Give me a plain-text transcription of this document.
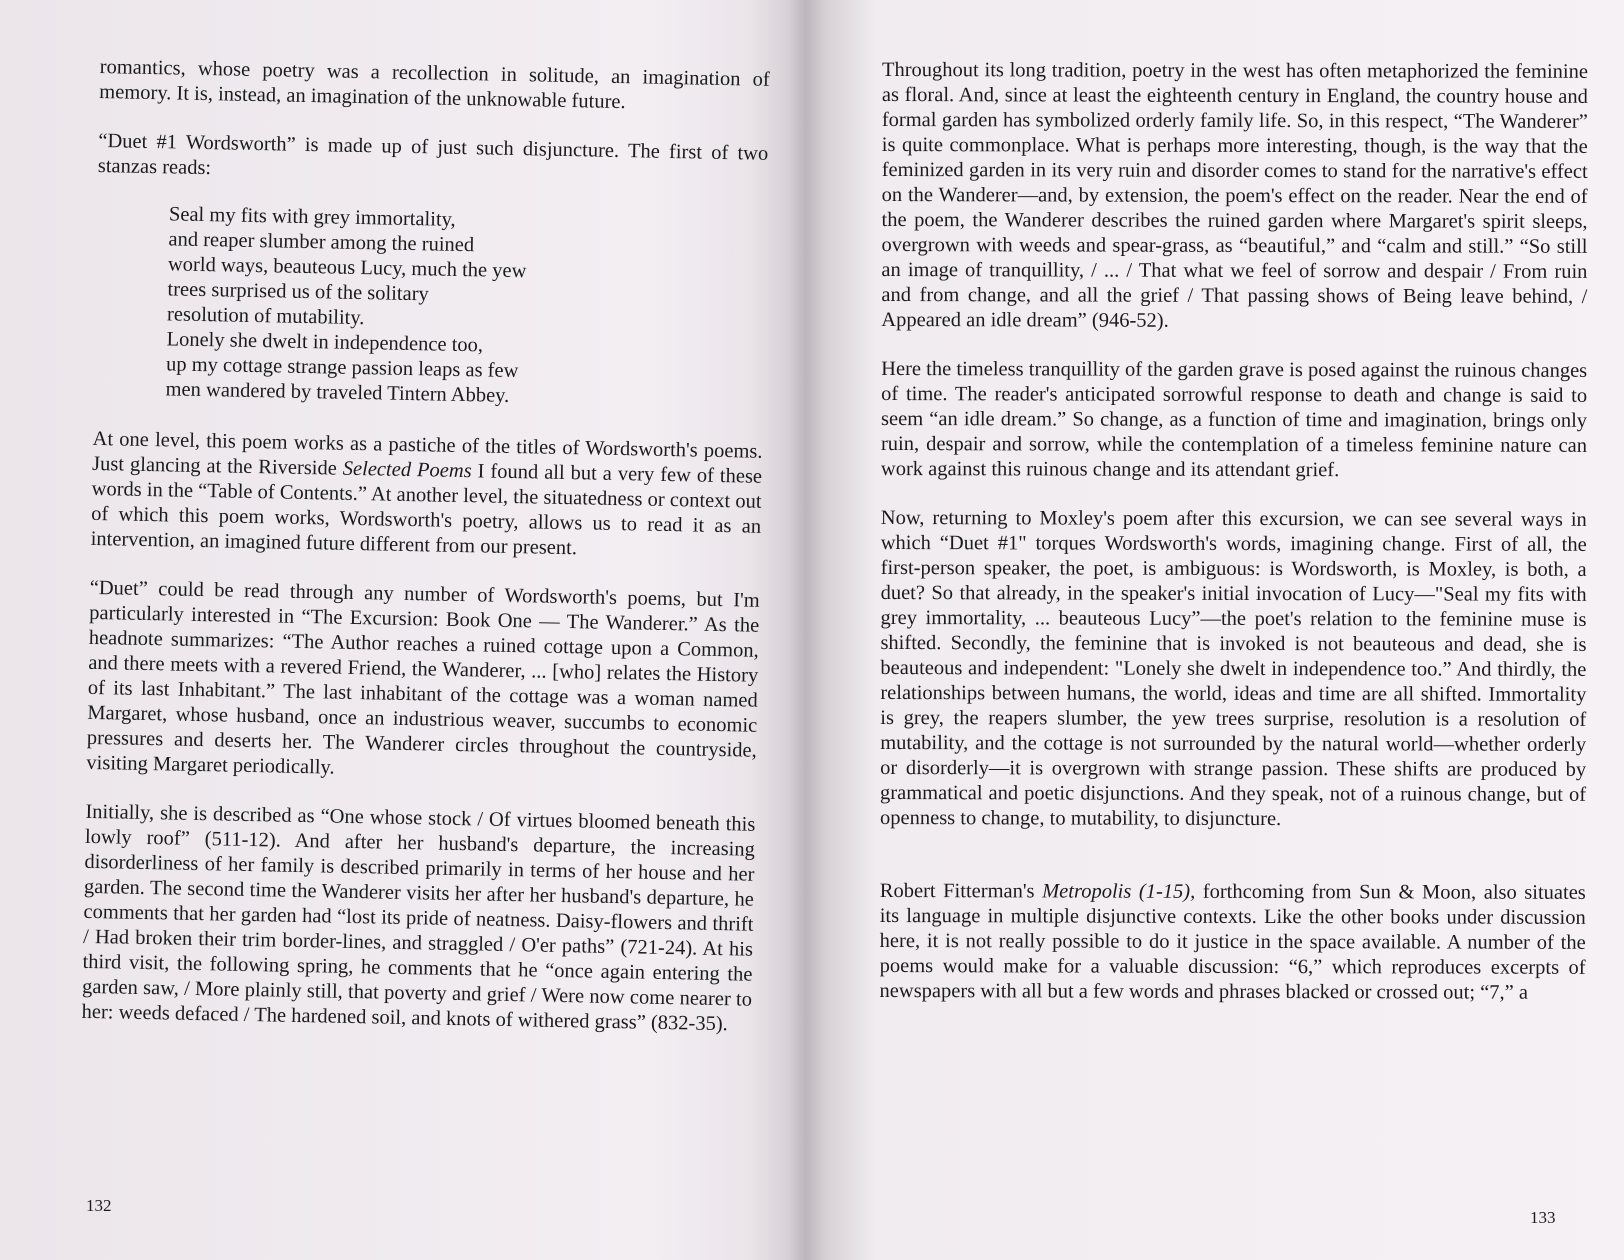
romantics, whose poetry was a recollection in solitude, an imagination of memory. It is, instead, an imagination of the unknowable future.

“Duet #1 Wordsworth” is made up of just such disjuncture. The first of two stanzas reads:

Seal my fits with grey immortality,
and reaper slumber among the ruined
world ways, beauteous Lucy, much the yew
trees surprised us of the solitary
resolution of mutability.
Lonely she dwelt in independence too,
up my cottage strange passion leaps as few
men wandered by traveled Tintern Abbey.

At one level, this poem works as a pastiche of the titles of Wordsworth's poems. Just glancing at the Riverside Selected Poems I found all but a very few of these words in the “Table of Contents.” At another level, the situatedness or context out of which this poem works, Wordsworth's poetry, allows us to read it as an intervention, an imagined future different from our present.

“Duet” could be read through any number of Wordsworth's poems, but I'm particularly interested in “The Excursion: Book One — The Wanderer.” As the headnote summarizes: “The Author reaches a ruined cottage upon a Common, and there meets with a revered Friend, the Wanderer, ... [who] relates the History of its last Inhabitant.” The last inhabitant of the cottage was a woman named Margaret, whose husband, once an industrious weaver, succumbs to economic pressures and deserts her. The Wanderer circles throughout the countryside, visiting Margaret periodically.

Initially, she is described as “One whose stock / Of virtues bloomed beneath this lowly roof” (511-12). And after her husband's departure, the increasing disorderliness of her family is described primarily in terms of her house and her garden. The second time the Wanderer visits her after her husband's departure, he comments that her garden had “lost its pride of neatness. Daisy-flowers and thrift / Had broken their trim border-lines, and straggled / O'er paths” (721-24). At his third visit, the following spring, he comments that he “once again entering the garden saw, / More plainly still, that poverty and grief / Were now come nearer to her: weeds defaced / The hardened soil, and knots of withered grass” (832-35).

132

Throughout its long tradition, poetry in the west has often metaphorized the feminine as floral. And, since at least the eighteenth century in England, the country house and formal garden has symbolized orderly family life. So, in this respect, “The Wanderer” is quite commonplace. What is perhaps more interesting, though, is the way that the feminized garden in its very ruin and disorder comes to stand for the narrative's effect on the Wanderer—and, by extension, the poem's effect on the reader. Near the end of the poem, the Wanderer describes the ruined garden where Margaret's spirit sleeps, overgrown with weeds and spear-grass, as “beautiful,” and “calm and still.” “So still an image of tranquillity, / ... / That what we feel of sorrow and despair / From ruin and from change, and all the grief / That passing shows of Being leave behind, / Appeared an idle dream” (946-52).

Here the timeless tranquillity of the garden grave is posed against the ruinous changes of time. The reader's anticipated sorrowful response to death and change is said to seem “an idle dream.” So change, as a function of time and imagination, brings only ruin, despair and sorrow, while the contemplation of a timeless feminine nature can work against this ruinous change and its attendant grief.

Now, returning to Moxley's poem after this excursion, we can see several ways in which “Duet #1" torques Wordsworth's words, imagining change. First of all, the first-person speaker, the poet, is ambiguous: is Wordsworth, is Moxley, is both, a duet? So that already, in the speaker's initial invocation of Lucy—"Seal my fits with grey immortality, ... beauteous Lucy”—the poet's relation to the feminine muse is shifted. Secondly, the feminine that is invoked is not beauteous and dead, she is beauteous and independent: "Lonely she dwelt in independence too.” And thirdly, the relationships between humans, the world, ideas and time are all shifted. Immortality is grey, the reapers slumber, the yew trees surprise, resolution is a resolution of mutability, and the cottage is not surrounded by the natural world—whether orderly or disorderly—it is overgrown with strange passion. These shifts are produced by grammatical and poetic disjunctions. And they speak, not of a ruinous change, but of openness to change, to mutability, to disjuncture.

Robert Fitterman's Metropolis (1-15), forthcoming from Sun & Moon, also situates its language in multiple disjunctive contexts. Like the other books under discussion here, it is not really possible to do it justice in the space available. A number of the poems would make for a valuable discussion: “6,” which reproduces excerpts of newspapers with all but a few words and phrases blacked or crossed out; “7,” a

133
